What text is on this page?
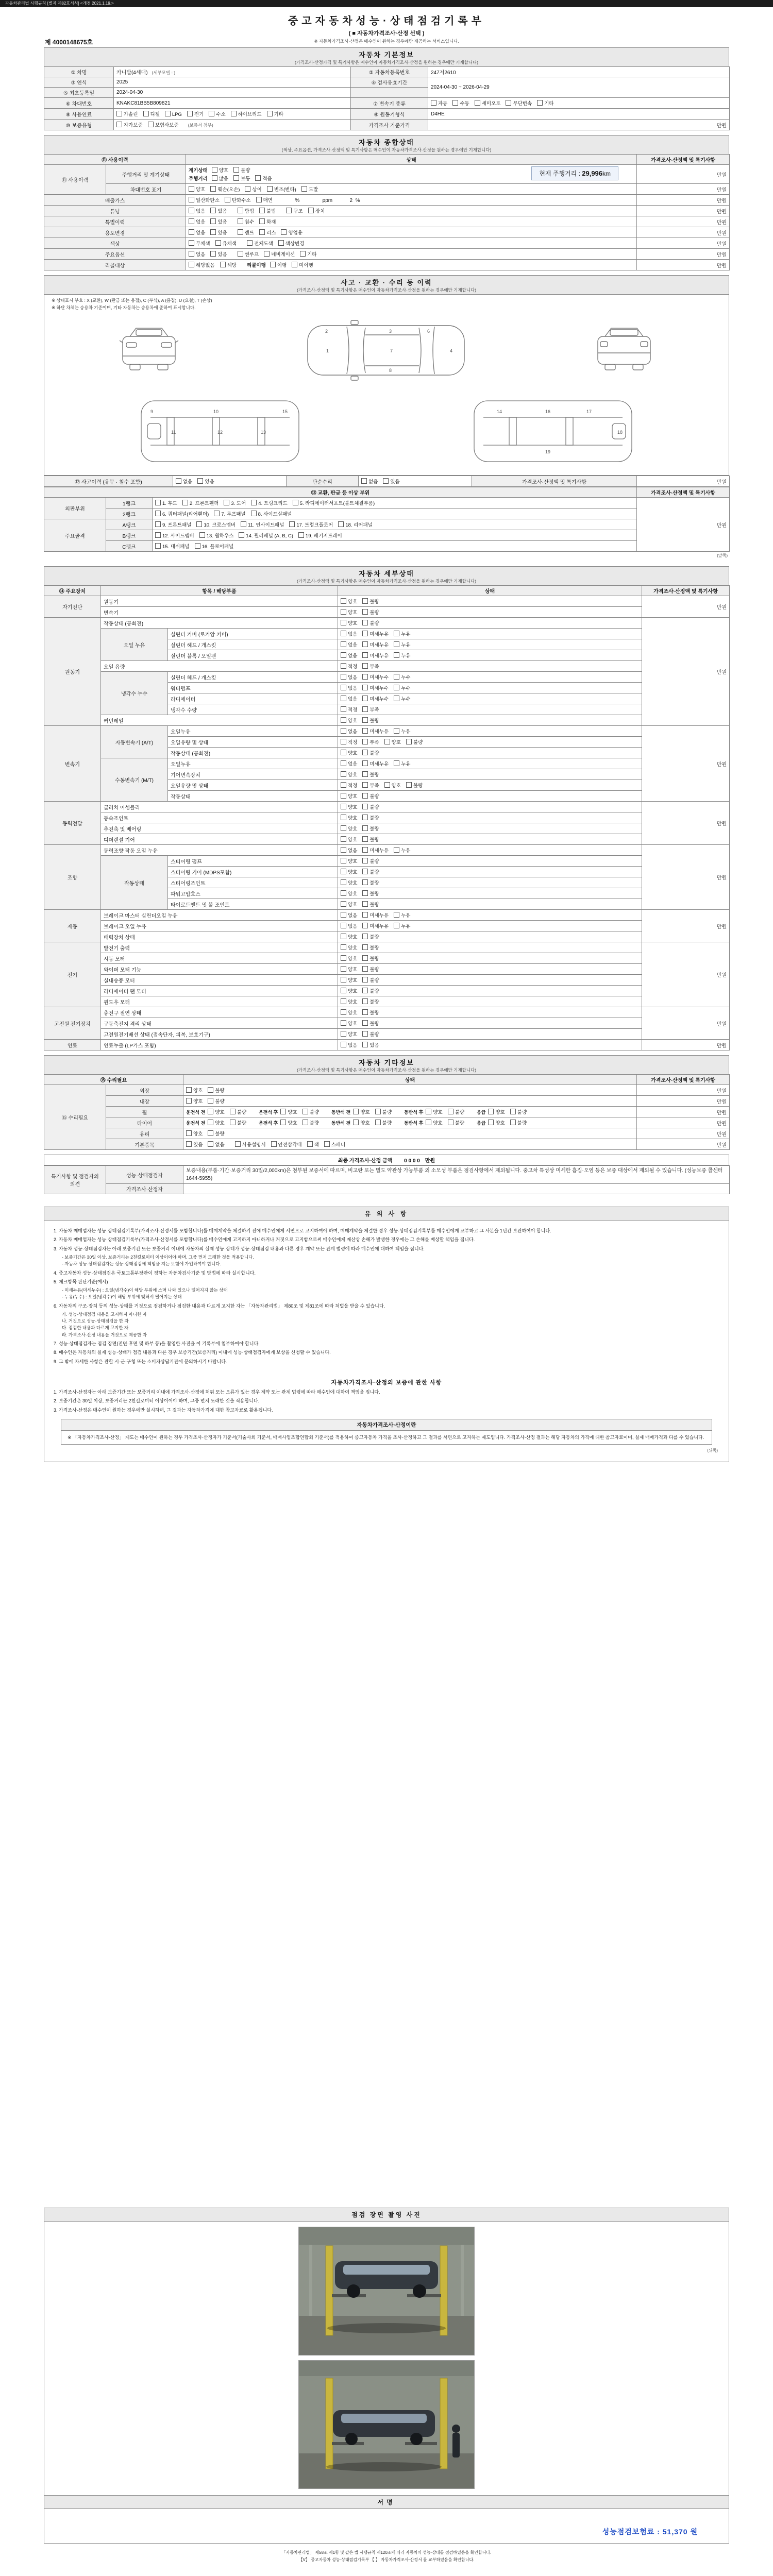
자동차관리법 시행규칙 [별지 제82호서식] <개정 2021.1.19.>
제 4000148675호
중고자동차성능·상태점검기록부
( ■ 자동차가격조사·산정 선택 )
※ 자동차가격조사·산정은 매수인이 원하는 경우에만 제공하는 서비스입니다.
자동차 기본정보
(가격조사·산정가격 및 특기사항은 매수인이 자동차가격조사·산정을 원하는 경우에만 기재합니다)
① 차명	카니발(4세대) (세부모델 : )	② 자동차등록번호	247저2610
③ 연식	2025	④ 검사유효기간	2024-04-30 ~ 2026-04-29
⑤ 최초등록일	2024-04-30		
⑥ 차대번호	KNAKC81BB5B809821	⑦ 변속기 종류	자동 수동 세미오토 무단변속 기타
⑧ 사용연료	가솔린 디젤 LPG 전기 수소 하이브리드 기타	⑨ 원동기형식	D4HE
⑩ 보증유형	자가보증 보험사보증 (보증서 첨부)	가격조사 기준가격	만원
자동차 종합상태
(색상, 주요옵션, 가격조사·산정액 및 특기사항은 매수인이 자동차가격조사·산정을 원하는 경우에만 기재합니다)
⑪ 사용이력		상태	가격조사·산정액 및 특기사항
⑪ 사용이력	주행거리 및 계기상태	현재 주행거리 : 29,996km
계기상태 양호 불량
주행거리 많음 보통 적음	만원
	차대번호 표기	양호 훼손(오손) 상이 변조(변타) 도말	만원
배출가스		일산화탄소 탄화수소 매연            %                ppm            2  %	만원
튜닝		없음 있음　 합법 불법　 구조 장치	만원
특별이력		없음 있음　 침수 화재	만원
용도변경		없음 있음　 렌트 리스 영업용	만원
색상		무채색 유채색　 전체도색 색상변경	만원
주요옵션		없음 있음　 썬루프 네비게이션 기타	만원
리콜대상		해당없음 해당　 리콜이행 이행 미이행	만원
사고 · 교환 · 수리 등 이력
(가격조사·산정액 및 특기사항은 매수인이 자동차가격조사·산정을 원하는 경우에만 기재합니다)
※ 상태표시 부호 : X (교환), W (판금 또는 용접), C (부식), A (흠집), U (요철), T (손상)
※ 하단 차체는 승용차 기준이며, 기타 자동차는 승용차에 준하여 표시합니다.
1
2	3
4
6
7
8
9	10
11	12	13
15	14	16	17
18
19
⑫ 사고이력 (유무 · 침수 포함)	없음	있음	단순수리	없음	있음	가격조사·산정액 및 특기사항	만원
⑬ 교환, 판금 등 이상 부위			가격조사·산정액 및 특기사항
외판부위	1랭크	1. 후드 2. 프론트휀더 3. 도어 4. 트렁크리드 5. 라디에이터서포트(볼트체결부품)	만원
	2랭크	6. 쿼터패널(리어휀더) 7. 루프패널 8. 사이드실패널	
주요골격	A랭크	9. 프론트패널 10. 크로스멤버 11. 인사이드패널 17. 트렁크플로어 18. 리어패널	
	B랭크	12. 사이드멤버 13. 휠하우스 14. 필러패널 (A, B, C) 19. 패키지트레이	
	C랭크	15. 대쉬패널 16. 플로어패널	
(앞쪽)
자동차 세부상태
(가격조사·산정액 및 특기사항은 매수인이 자동차가격조사·산정을 원하는 경우에만 기재합니다)
⑭ 주요장치	항목 / 해당부품		상태	가격조사·산정액 및 특기사항
자기진단	원동기		양호 불량	만원
	변속기		양호 불량	
원동기	작동상태 (공회전)		양호 불량	만원
	오일 누유	실린더 커버 (로커암 커버)	없음 미세누유 누유	
		실린더 헤드 / 개스킷	없음 미세누유 누유	
		실린더 블록 / 오일팬	없음 미세누유 누유	
	오일 유량		적정 부족	
	냉각수 누수	실린더 헤드 / 개스킷	없음 미세누수 누수	
		워터펌프	없음 미세누수 누수	
		라디에이터	없음 미세누수 누수	
		냉각수 수량	적정 부족	
	커먼레일		양호 불량	
변속기	자동변속기 (A/T)	오일누유	없음 미세누유 누유	만원
		오일유량 및 상태	적정 부족 양호 불량	
		작동상태 (공회전)	양호 불량	
	수동변속기 (M/T)	오일누유	없음 미세누유 누유	
		기어변속장치	양호 불량	
		오일유량 및 상태	적정 부족 양호 불량	
		작동상태	양호 불량	
동력전달	클러치 어셈블리		양호 불량	만원
	등속조인트		양호 불량	
	추진축 및 베어링		양호 불량	
	디퍼렌셜 기어		양호 불량	
조향	동력조향 작동 오일 누유		없음 미세누유 누유	만원
	작동상태	스티어링 펌프	양호 불량	
		스티어링 기어 (MDPS포함)	양호 불량	
		스티어링조인트	양호 불량	
		파워고압호스	양호 불량	
		타이로드엔드 및 볼 조인트	양호 불량	
제동	브레이크 마스터 실린더오일 누유		없음 미세누유 누유	만원
	브레이크 오일 누유		없음 미세누유 누유	
	배력장치 상태		양호 불량	
전기	발전기 출력		양호 불량	만원
	시동 모터		양호 불량	
	와이퍼 모터 기능		양호 불량	
	실내송풍 모터		양호 불량	
	라디에이터 팬 모터		양호 불량	
	윈도우 모터		양호 불량	
고전원 전기장치	충전구 절연 상태		양호 불량	만원
	구동축전지 격리 상태		양호 불량	
	고전원전기배선 상태 (접속단자, 피복, 보호기구)		양호 불량	
연료	연료누출 (LP가스 포함)		없음 있음	만원
자동차 기타정보
(가격조사·산정액 및 특기사항은 매수인이 자동차가격조사·산정을 원하는 경우에만 기재합니다)
⑮ 수리필요		상태	가격조사·산정액 및 특기사항
⑮ 수리필요	외장	양호 불량	만원
	내장	양호 불량	만원
	휠	운전석 전 양호 불량 운전석 후 양호 불량 동반석 전 양호 불량 동반석 후 양호 불량 응급 양호 불량	만원
	타이어	운전석 전 양호 불량 운전석 후 양호 불량 동반석 전 양호 불량 동반석 후 양호 불량 응급 양호 불량	만원
	유리	양호 불량	만원
	기본품목	있음 없음　 사용설명서 안전삼각대 잭 스패너	만원
최종 가격조사·산정 금액　　 0 0 0 0　 만원
특기사항 및 점검자의 의견	성능·상태점검자	보증내용(부품·기간·보증거리 30일/2,000km)은 첨부된 보증서에 따르며, 비고란 또는 별도 약관상 가능부품 외 소모성 부품은 점검사항에서 제외됩니다. 중고차 특성상 미세한 흠집·오염 등은 보증 대상에서 제외될 수 있습니다. (성능보증 콜센터 1644-5955)
	가격조사·산정자	
유 의 사 항
1. 자동차 매매업자는 성능·상태점검기록부(가격조사·산정서를 포함합니다)를 매매계약을 체결하기 전에 매수인에게 서면으로 고지하여야 하며, 매매계약을 체결한 경우 성능·상태점검기록부를 매수인에게 교부하고 그 사본을 1년간 보관하여야 합니다.
2. 자동차 매매업자는 성능·상태점검기록부(가격조사·산정서를 포함합니다)를 매수인에게 고지하지 아니하거나 거짓으로 고지함으로써 매수인에게 재산상 손해가 발생한 경우에는 그 손해를 배상할 책임을 집니다.
3. 자동차 성능·상태점검자는 아래 보증기간 또는 보증거리 이내에 자동차의 실제 성능·상태가 성능·상태점검 내용과 다른 경우 계약 또는 관계 법령에 따라 매수인에 대하여 책임을 집니다.
- 보증기간은 30일 이상, 보증거리는 2천킬로미터 이상이어야 하며, 그중 먼저 도래한 것을 적용합니다.
- 자동차 성능·상태점검자는 성능·상태점검에 책임을 지는 보험에 가입하여야 합니다.
4. 중고자동차 성능·상태점검은 국토교통부장관이 정하는 자동차검사기준 및 방법에 따라 실시합니다.
5. 체크항목 판단기준(예시)
- 미세누유(미세누수) : 오일(냉각수)이 해당 부위에 스며 나와 있으나 떨어지지 않는 상태
- 누유(누수) : 오일(냉각수)이 해당 부위에 맺혀서 떨어지는 상태
6. 자동차의 구조·장치 등의 성능·상태를 거짓으로 점검하거나 점검한 내용과 다르게 고지한 자는 「자동차관리법」 제80조 및 제81조에 따라 처벌을 받을 수 있습니다.
가. 성능·상태점검 내용을 고지하지 아니한 자
나. 거짓으로 성능·상태점검을 한 자
다. 점검한 내용과 다르게 고지한 자
라. 가격조사·산정 내용을 거짓으로 제공한 자
7. 성능·상태점검자는 점검 장면(전면·후면 및 하부 등)을 촬영한 사진을 이 기록부에 첨부하여야 합니다.
8. 매수인은 자동차의 실제 성능·상태가 점검 내용과 다른 경우 보증기간(보증거리) 이내에 성능·상태점검자에게 보상을 신청할 수 있습니다.
9. 그 밖에 자세한 사항은 관할 시·군·구청 또는 소비자상담기관에 문의하시기 바랍니다.
자동차가격조사·산정의 보증에 관한 사항
1. 가격조사·산정자는 아래 보증기간 또는 보증거리 이내에 가격조사·산정에 허위 또는 오류가 있는 경우 계약 또는 관계 법령에 따라 매수인에 대하여 책임을 집니다.
2. 보증기간은 30일 이상, 보증거리는 2천킬로미터 이상이어야 하며, 그중 먼저 도래한 것을 적용합니다.
3. 가격조사·산정은 매수인이 원하는 경우에만 실시하며, 그 결과는 자동차가격에 대한 참고자료로 활용됩니다.
자동차가격조사·산정이란
※ 「자동차가격조사·산정」 제도는 매수인이 원하는 경우 가격조사·산정자가 기준서(기술사회 기준서, 매매사업조합연합회 기준서)를 적용하여 중고자동차 가격을 조사·산정하고 그 결과를 서면으로 고지하는 제도입니다. 가격조사·산정 결과는 해당 자동차의 가격에 대한 참고자료이며, 실제 매매가격과 다를 수 있습니다.
(뒤쪽)
점검 장면 촬영 사진
서명
성능점검보험료 : 51,370 원
「자동차관리법」 제58조 제1항 및 같은 법 시행규칙 제120조에 따라 자동차의 성능·상태를 점검하였음을 확인합니다.
【V】 중고자동차 성능·상태점검기록부 【 】 자동차가격조사·산정서 를 교부하였음을 확인합니다.
